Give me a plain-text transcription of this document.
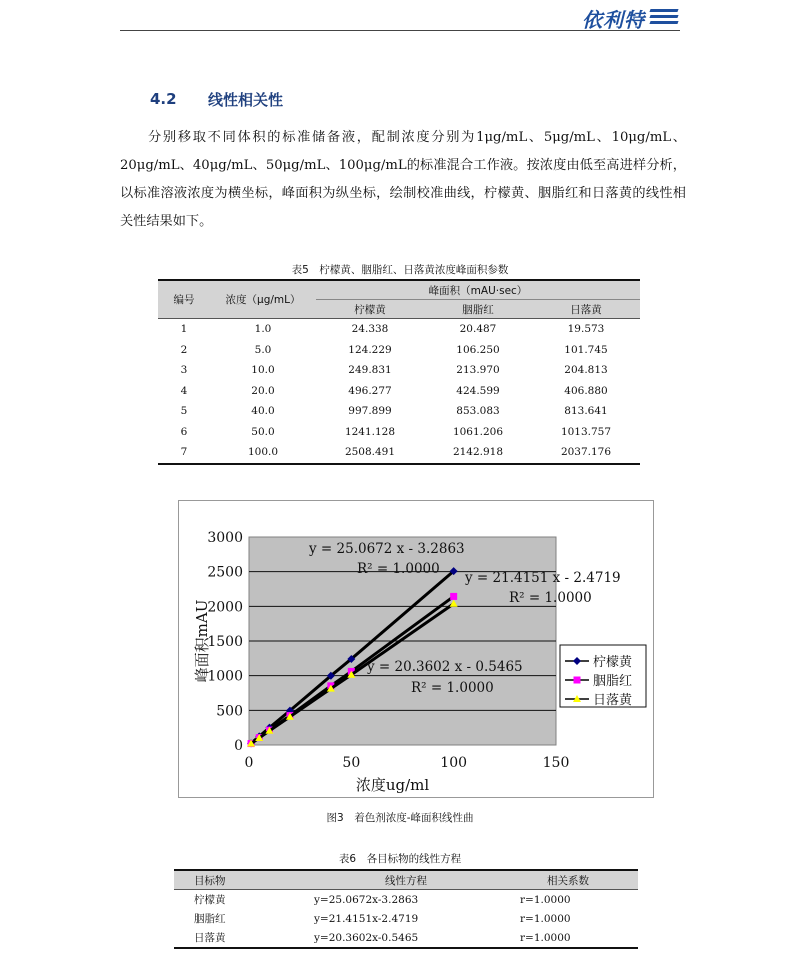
依利特
4.2 线性相关性

分别移取不同体积的标准储备液，配制浓度分别为1μg/mL、5μg/mL、10μg/mL、20μg/mL、40μg/mL、50μg/mL、100μg/mL的标准混合工作液。按浓度由低至高进样分析，以标准溶液浓度为横坐标，峰面积为纵坐标，绘制校准曲线，柠檬黄、胭脂红和日落黄的线性相关性结果如下。

表5　柠檬黄、胭脂红、日落黄浓度峰面积参数
编号	浓度（μg/mL）	峰面积（mAU·sec）		
		柠檬黄	胭脂红	日落黄
1	1.0	24.338	20.487	19.573
2	5.0	124.229	106.250	101.745
3	10.0	249.831	213.970	204.813
4	20.0	496.277	424.599	406.880
5	40.0	997.899	853.083	813.641
6	50.0	1241.128	1061.206	1013.757
7	100.0	2508.491	2142.918	2037.176
0
500
1000
1500
2000
2500
3000
0	50	100	150
浓度ug/ml
峰面积mAU
y = 25.0672 x - 3.2863
R² = 1.0000
y = 21.4151 x - 2.4719
R² = 1.0000
y = 20.3602 x - 0.5465
R² = 1.0000
柠檬黄
胭脂红
日落黄
图3　着色剂浓度-峰面积线性曲
表6　各目标物的线性方程
目标物	线性方程	相关系数
柠檬黄	y=25.0672x-3.2863	r=1.0000
胭脂红	y=21.4151x-2.4719	r=1.0000
日落黄	y=20.3602x-0.5465	r=1.0000
